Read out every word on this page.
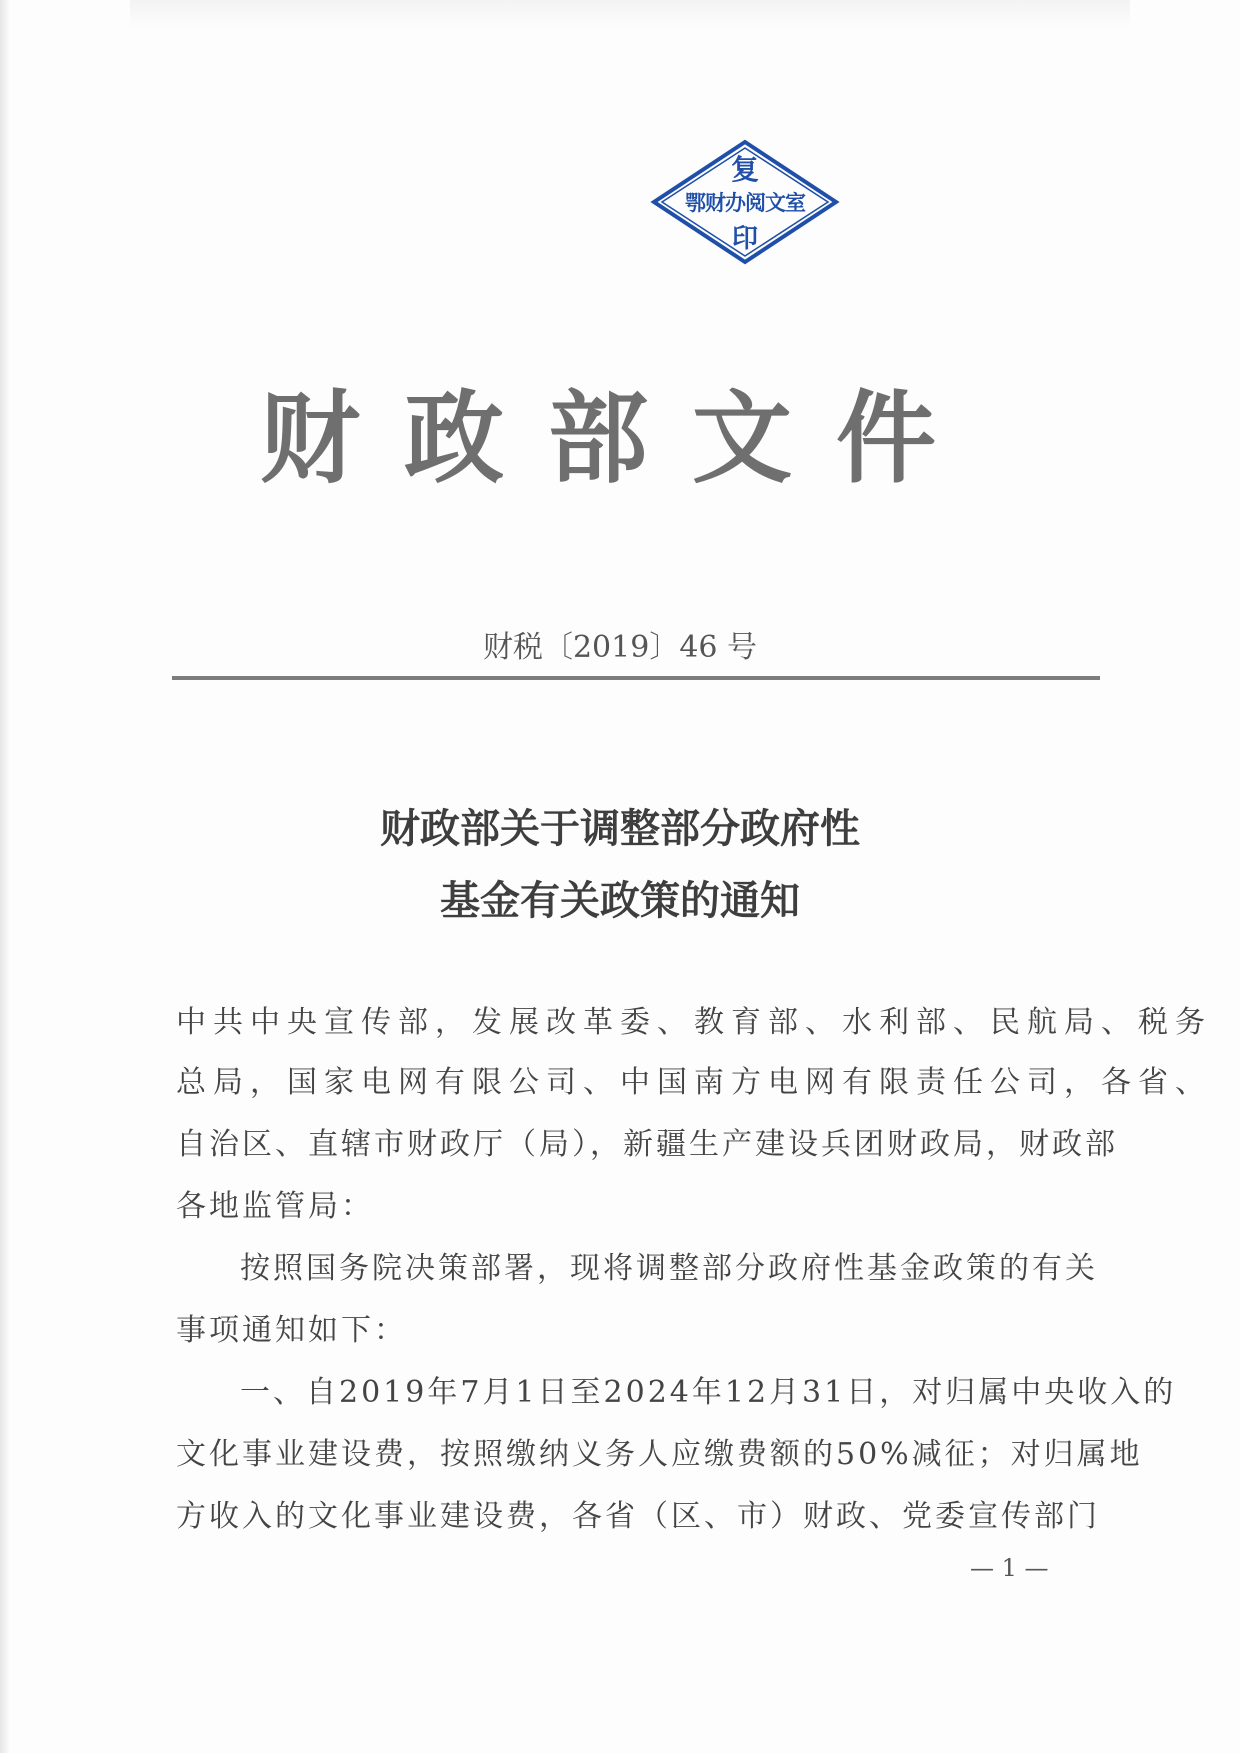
复
鄂财办阅文室
印
财政部文件
财税〔2019〕46 号
财政部关于调整部分政府性
基金有关政策的通知
中共中央宣传部，发展改革委、教育部、水利部、民航局、税务
总局，国家电网有限公司、中国南方电网有限责任公司，各省、
自治区、直辖市财政厅（局），新疆生产建设兵团财政局，财政部
各地监管局：
按照国务院决策部署，现将调整部分政府性基金政策的有关
事项通知如下：
一、自2019年7月1日至2024年12月31日，对归属中央收入的
文化事业建设费，按照缴纳义务人应缴费额的50%减征；对归属地
方收入的文化事业建设费，各省（区、市）财政、党委宣传部门
— 1 —
